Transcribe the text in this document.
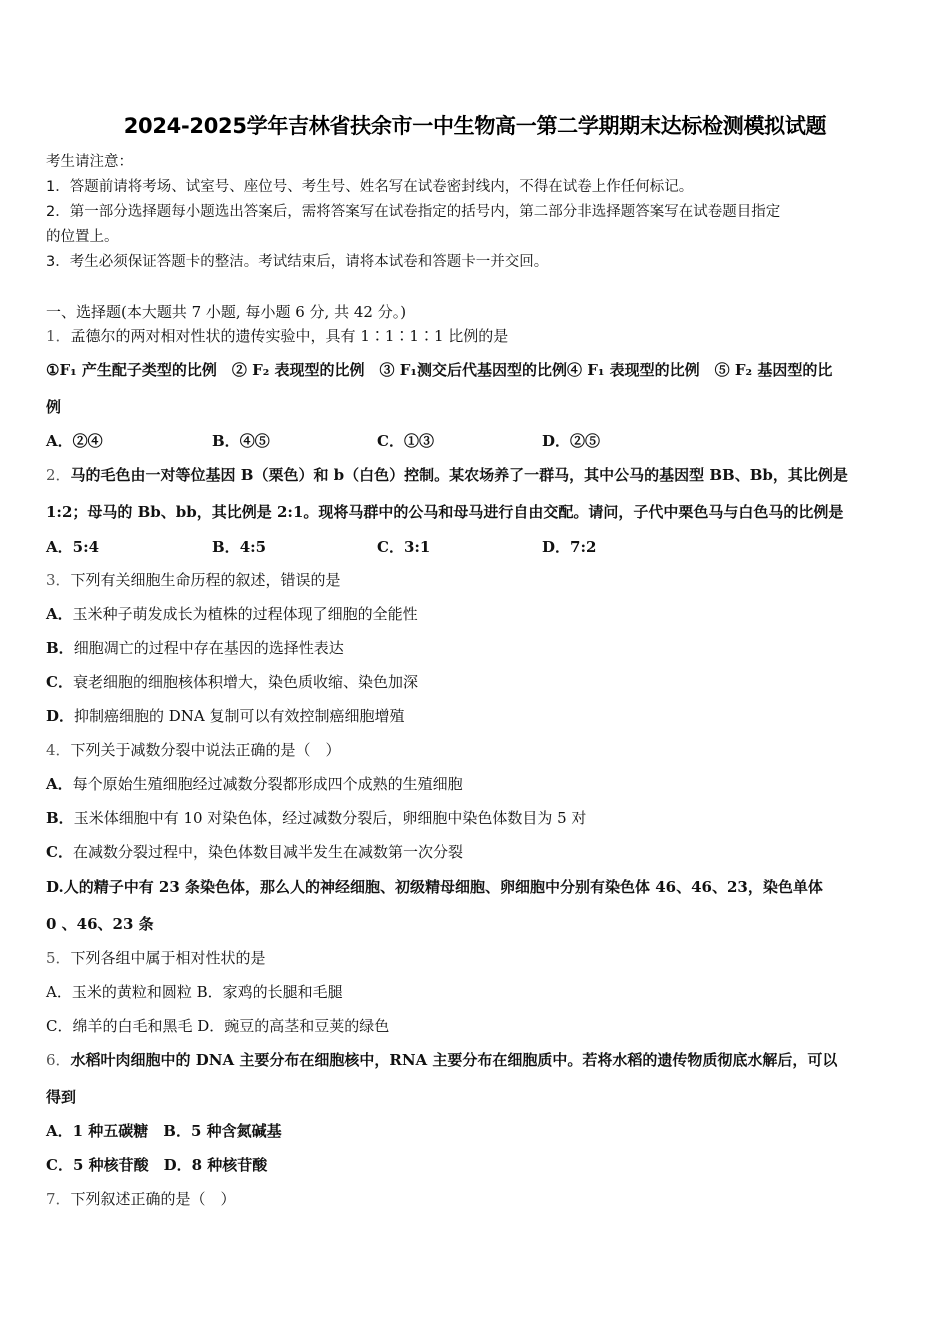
2024-2025学年吉林省扶余市一中生物高一第二学期期末达标检测模拟试题
考生请注意：
1．答题前请将考场、试室号、座位号、考生号、姓名写在试卷密封线内，不得在试卷上作任何标记。
2．第一部分选择题每小题选出答案后，需将答案写在试卷指定的括号内，第二部分非选择题答案写在试卷题目指定
的位置上。
3．考生必须保证答题卡的整洁。考试结束后，请将本试卷和答题卡一并交回。
一、选择题(本大题共 7 小题, 每小题 6 分, 共 42 分。)
1．孟德尔的两对相对性状的遗传实验中，具有 1∶1∶1∶1 比例的是
①F₁ 产生配子类型的比例　② F₂ 表现型的比例　③ F₁测交后代基因型的比例④ F₁ 表现型的比例　⑤ F₂ 基因型的比
例
A．②④	B．④⑤	C．①③	D．②⑤
2．马的毛色由一对等位基因 B（栗色）和 b（白色）控制。某农场养了一群马，其中公马的基因型 BB、Bb，其比例是
1:2；母马的 Bb、bb，其比例是 2:1。现将马群中的公马和母马进行自由交配。请问，子代中栗色马与白色马的比例是
A．5:4	B．4:5	C．3:1	D．7:2
3．下列有关细胞生命历程的叙述，错误的是
A．玉米种子萌发成长为植株的过程体现了细胞的全能性
B．细胞凋亡的过程中存在基因的选择性表达
C．衰老细胞的细胞核体积增大，染色质收缩、染色加深
D．抑制癌细胞的 DNA 复制可以有效控制癌细胞增殖
4．下列关于减数分裂中说法正确的是（　）
A．每个原始生殖细胞经过减数分裂都形成四个成熟的生殖细胞
B．玉米体细胞中有 10 对染色体，经过减数分裂后，卵细胞中染色体数目为 5 对
C．在减数分裂过程中，染色体数目减半发生在减数第一次分裂
D.人的精子中有 23 条染色体，那么人的神经细胞、初级精母细胞、卵细胞中分别有染色体 46、46、23，染色单体
0 、46、23 条
5．下列各组中属于相对性状的是
A．玉米的黄粒和圆粒 B．家鸡的长腿和毛腿
C．绵羊的白毛和黑毛 D．豌豆的高茎和豆荚的绿色
6．水稻叶肉细胞中的 DNA 主要分布在细胞核中，RNA 主要分布在细胞质中。若将水稻的遗传物质彻底水解后，可以
得到
A．1 种五碳糖　B．5 种含氮碱基
C．5 种核苷酸　D．8 种核苷酸
7．下列叙述正确的是（　）
